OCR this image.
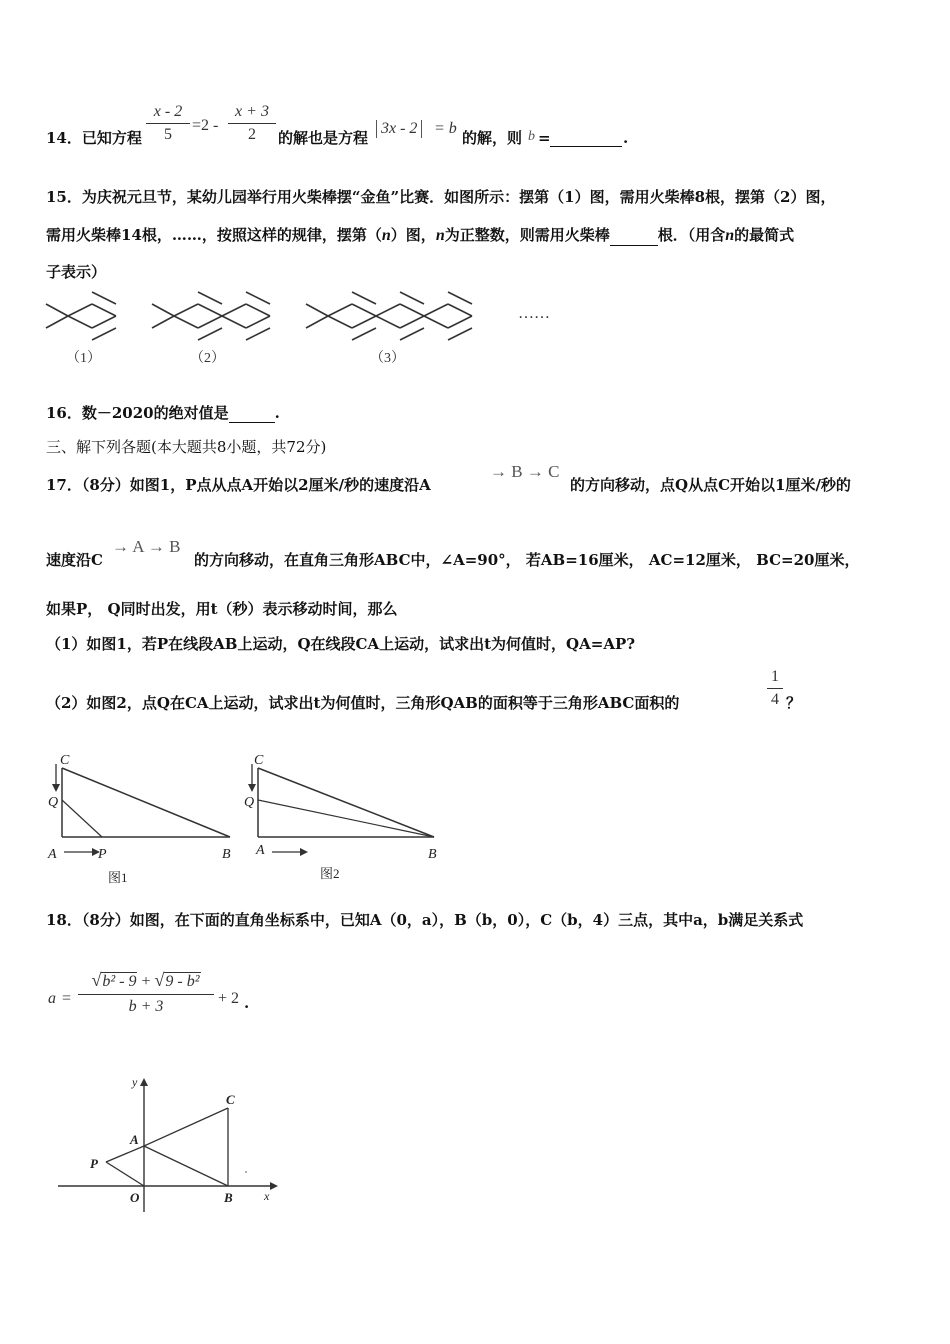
14．已知方程
x - 2
5
=2 -
x + 3
2	的解也是方程
3x - 2	= b
的解，则 b =	.
15．为庆祝元旦节，某幼儿园举行用火柴棒摆“金鱼”比赛．如图所示：摆第（1）图，需用火柴棒8根，摆第（2）图，
需用火柴棒14根，……，按照这样的规律，摆第（n）图，n为正整数，则需用火柴棒	根．（用含n的最简式
子表示）
（1）	（2）	（3）
……
16．数－2020的绝对值是	.
三、解下列各题(本大题共8小题，共72分)
17．（8分）如图1，P点从点A开始以2厘米/秒的速度沿A
→ B → C
的方向移动，点Q从点C开始以1厘米/秒的
速度沿C
→ A → B
的方向移动，在直角三角形ABC中，∠A=90°， 若AB=16厘米， AC=12厘米， BC=20厘米，
如果P， Q同时出发，用t（秒）表示移动时间，那么
（1）如图1，若P在线段AB上运动，Q在线段CA上运动，试求出t为何值时，QA=AP?
（2）如图2，点Q在CA上运动，试求出t为何值时，三角形QAB的面积等于三角形ABC面积的
1
4 ？
C
Q
A	P	B
图1
C
Q
A	B
图2
18．（8分）如图，在下面的直角坐标系中，已知A（0，a），B（b，0），C（b，4）三点，其中a，b满足关系式
a =
√b² - 9 + √9 - b²
b + 3	+ 2 .
y
x
C
A
P
O	B
